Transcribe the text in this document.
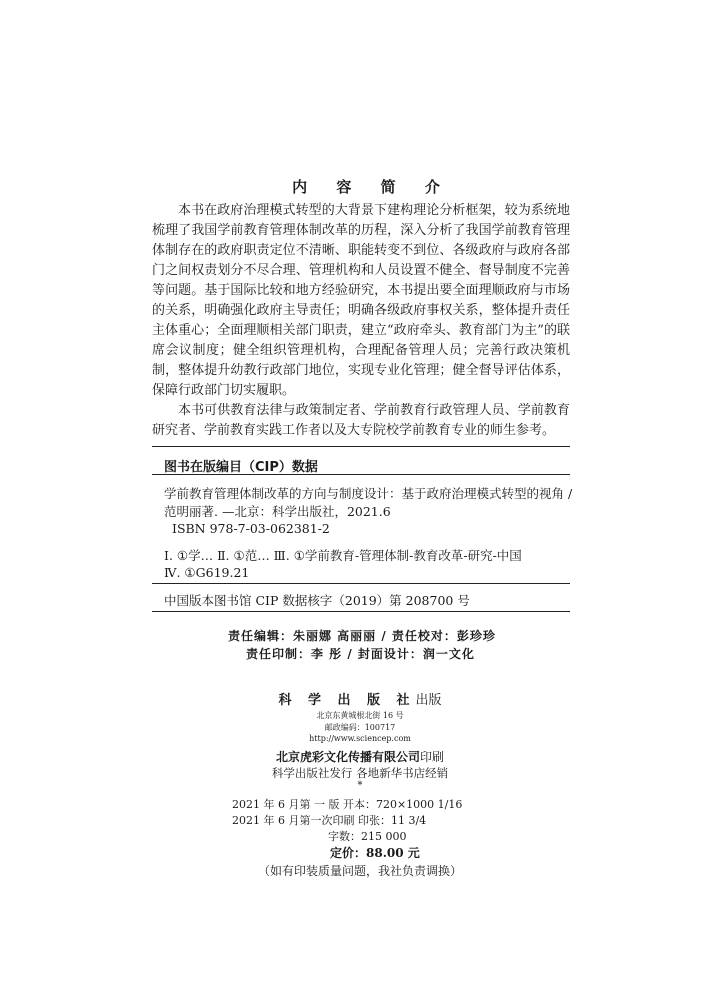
内 容 简 介

本书在政府治理模式转型的大背景下建构理论分析框架，较为系统地梳理了我国学前教育管理体制改革的历程，深入分析了我国学前教育管理体制存在的政府职责定位不清晰、职能转变不到位、各级政府与政府各部门之间权责划分不尽合理、管理机构和人员设置不健全、督导制度不完善等问题。基于国际比较和地方经验研究，本书提出要全面理顺政府与市场的关系，明确强化政府主导责任；明确各级政府事权关系，整体提升责任主体重心；全面理顺相关部门职责，建立“政府牵头、教育部门为主”的联席会议制度；健全组织管理机构，合理配备管理人员；完善行政决策机制，整体提升幼教行政部门地位，实现专业化管理；健全督导评估体系，保障行政部门切实履职。

本书可供教育法律与政策制定者、学前教育行政管理人员、学前教育研究者、学前教育实践工作者以及大专院校学前教育专业的师生参考。

图书在版编目（CIP）数据
学前教育管理体制改革的方向与制度设计：基于政府治理模式转型的视角 /
范明丽著. —北京：科学出版社，2021.6
ISBN 978-7-03-062381-2
Ⅰ. ①学… Ⅱ. ①范… Ⅲ. ①学前教育-管理体制-教育改革-研究-中国
Ⅳ. ①G619.21
中国版本图书馆 CIP 数据核字（2019）第 208700 号
责任编辑：朱丽娜 高丽丽 / 责任校对：彭珍珍
责任印制：李 彤 / 封面设计：润一文化
科 学 出 版 社出版
北京东黄城根北街 16 号
邮政编码：100717
http://www.sciencep.com
北京虎彩文化传播有限公司印刷
科学出版社发行 各地新华书店经销
*
2021 年 6 月第 一 版 开本：720×1000 1/16
2021 年 6 月第一次印刷 印张：11 3/4
字数：215 000
定价：88.00 元
（如有印装质量问题，我社负责调换）
